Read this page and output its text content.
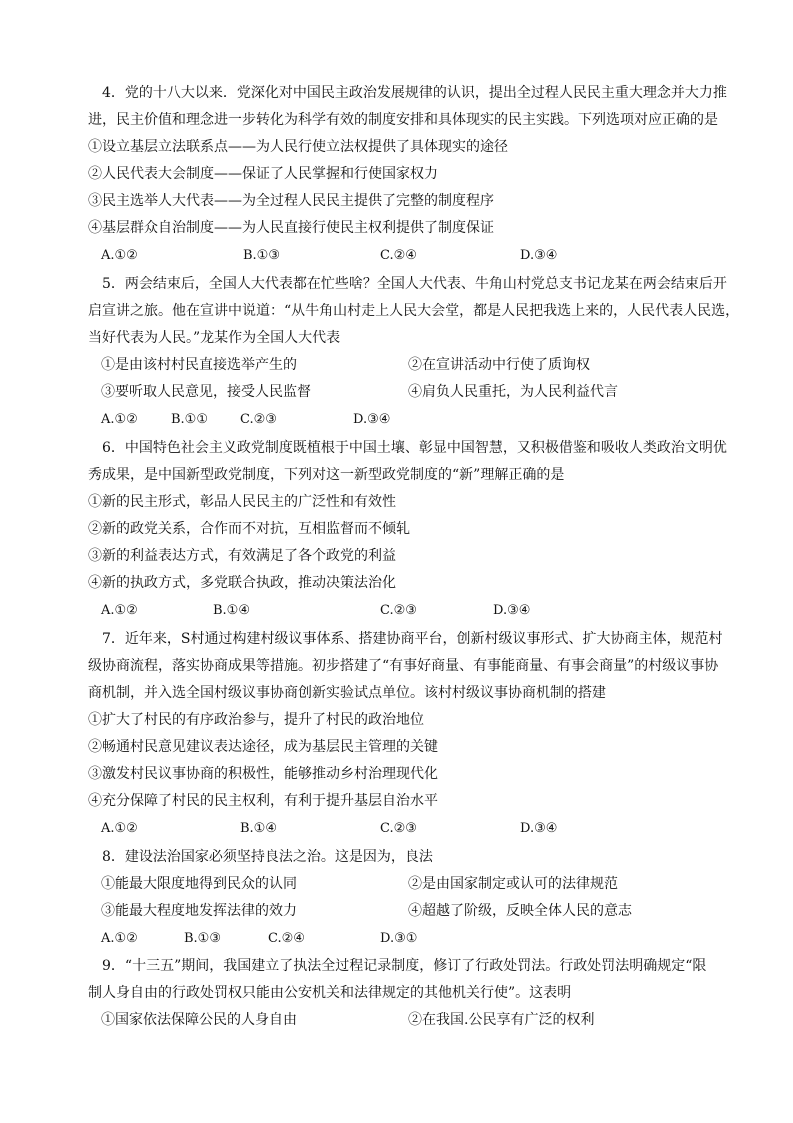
4．党的十八大以来．党深化对中国民主政治发展规律的认识，提出全过程人民民主重大理念并大力推
进，民主价值和理念进一步转化为科学有效的制度安排和具体现实的民主实践。下列选项对应正确的是
①设立基层立法联系点——为人民行使立法权提供了具体现实的途径
②人民代表大会制度——保证了人民掌握和行使国家权力
③民主选举人大代表——为全过程人民民主提供了完整的制度程序
④基层群众自治制度——为人民直接行使民主权利提供了制度保证
A.①②	B.①③	C.②④	D.③④
5．两会结束后，全国人大代表都在忙些啥？全国人大代表、牛角山村党总支书记龙某在两会结束后开
启宣讲之旅。他在宣讲中说道：“从牛角山村走上人民大会堂，都是人民把我选上来的，人民代表人民选，
当好代表为人民。”龙某作为全国人大代表
①是由该村村民直接选举产生的	②在宣讲活动中行使了质询权
③要听取人民意见，接受人民监督	④肩负人民重托，为人民利益代言
A.①②	B.①① C.②③	D.③④
6．中国特色社会主义政党制度既植根于中国土壤、彰显中国智慧，又积极借鉴和吸收人类政治文明优
秀成果，是中国新型政党制度，下列对这一新型政党制度的“新”理解正确的是
①新的民主形式，彰品人民民主的广泛性和有效性
②新的政党关系，合作而不对抗，互相监督而不倾轧
③新的利益表达方式，有效满足了各个政党的利益
④新的执政方式，多党联合执政，推动决策法治化
A.①②	B.①④	C.②③	D.③④
7．近年来，S村通过构建村级议事体系、搭建协商平台，创新村级议事形式、扩大协商主体，规范村
级协商流程，落实协商成果等措施。初步搭建了“有事好商量、有事能商量、有事会商量”的村级议事协
商机制，并入选全国村级议事协商创新实验试点单位。该村村级议事协商机制的搭建
①扩大了村民的有序政治参与，提升了村民的政治地位
②畅通村民意见建议表达途径，成为基层民主管理的关键
③激发村民议事协商的积极性，能够推动乡村治理现代化
④充分保障了村民的民主权利，有利于提升基层自治水平
A.①②	B.①④	C.②③	D.③④
8．建设法治国家必须坚持良法之治。这是因为，良法
①能最大限度地得到民众的认同	②是由国家制定或认可的法律规范
③能最大程度地发挥法律的效力	④超越了阶级，反映全体人民的意志
A.①②	B.①③	C.②④	D.③①
9．“十三五”期间，我国建立了执法全过程记录制度，修订了行政处罚法。行政处罚法明确规定“限
制人身自由的行政处罚权只能由公安机关和法律规定的其他机关行使”。这表明
①国家依法保障公民的人身自由	②在我国.公民享有广泛的权利
